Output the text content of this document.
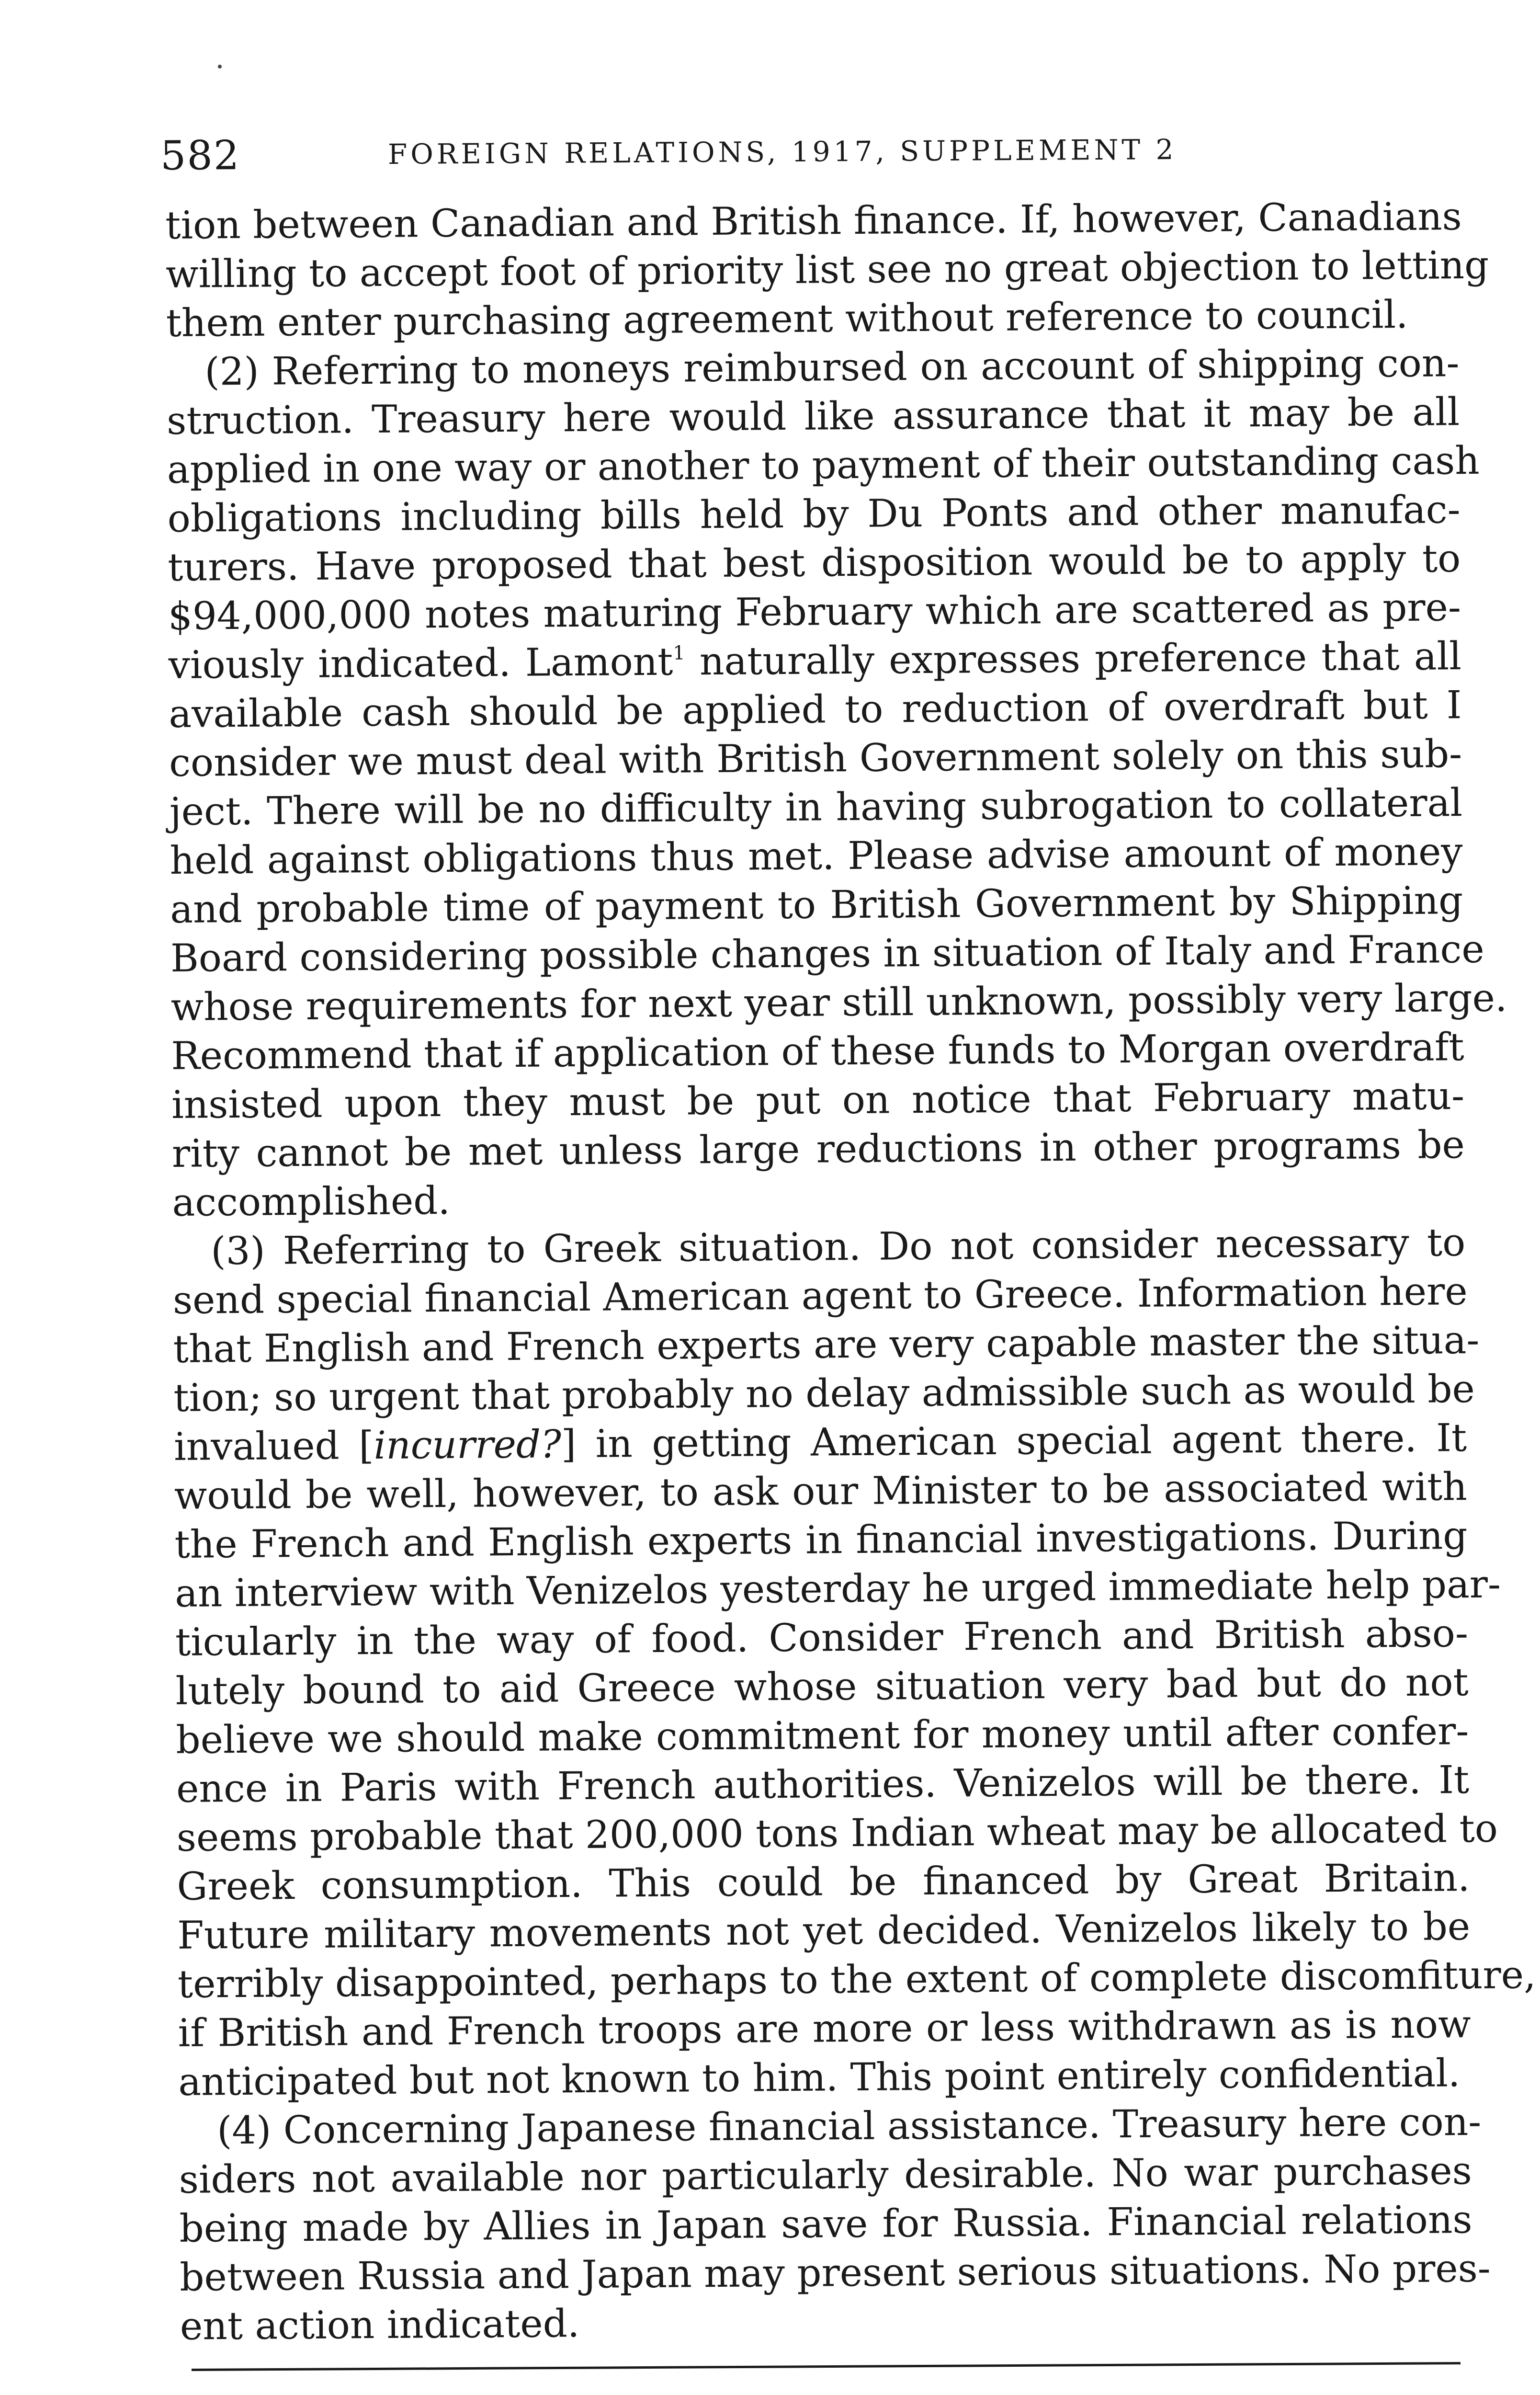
582	FOREIGN RELATIONS, 1917, SUPPLEMENT 2
tion between Canadian and British finance. If, however, Canadians
willing to accept foot of priority list see no great objection to letting
them enter purchasing agreement without reference to council.
(2) Referring to moneys reimbursed on account of shipping con-
struction. Treasury here would like assurance that it may be all
applied in one way or another to payment of their outstanding cash
obligations including bills held by Du Ponts and other manufac-
turers. Have proposed that best disposition would be to apply to
$94,000,000 notes maturing February which are scattered as pre-
viously indicated. Lamont$^1$ naturally expresses preference that all
available cash should be applied to reduction of overdraft but I
consider we must deal with British Government solely on this sub-
ject. There will be no difficulty in having subrogation to collateral
held against obligations thus met. Please advise amount of money
and probable time of payment to British Government by Shipping
Board considering possible changes in situation of Italy and France
whose requirements for next year still unknown, possibly very large.
Recommend that if application of these funds to Morgan overdraft
insisted upon they must be put on notice that February matu-
rity cannot be met unless large reductions in other programs be
accomplished.
(3) Referring to Greek situation. Do not consider necessary to
send special financial American agent to Greece. Information here
that English and French experts are very capable master the situa-
tion; so urgent that probably no delay admissible such as would be
invalued [incurred?] in getting American special agent there. It
would be well, however, to ask our Minister to be associated with
the French and English experts in financial investigations. During
an interview with Venizelos yesterday he urged immediate help par-
ticularly in the way of food. Consider French and British abso-
lutely bound to aid Greece whose situation very bad but do not
believe we should make commitment for money until after confer-
ence in Paris with French authorities. Venizelos will be there. It
seems probable that 200,000 tons Indian wheat may be allocated to
Greek consumption. This could be financed by Great Britain.
Future military movements not yet decided. Venizelos likely to be
terribly disappointed, perhaps to the extent of complete discomfiture,
if British and French troops are more or less withdrawn as is now
anticipated but not known to him. This point entirely confidential.
(4) Concerning Japanese financial assistance. Treasury here con-
siders not available nor particularly desirable. No war purchases
being made by Allies in Japan save for Russia. Financial relations
between Russia and Japan may present serious situations. No pres-
ent action indicated.
